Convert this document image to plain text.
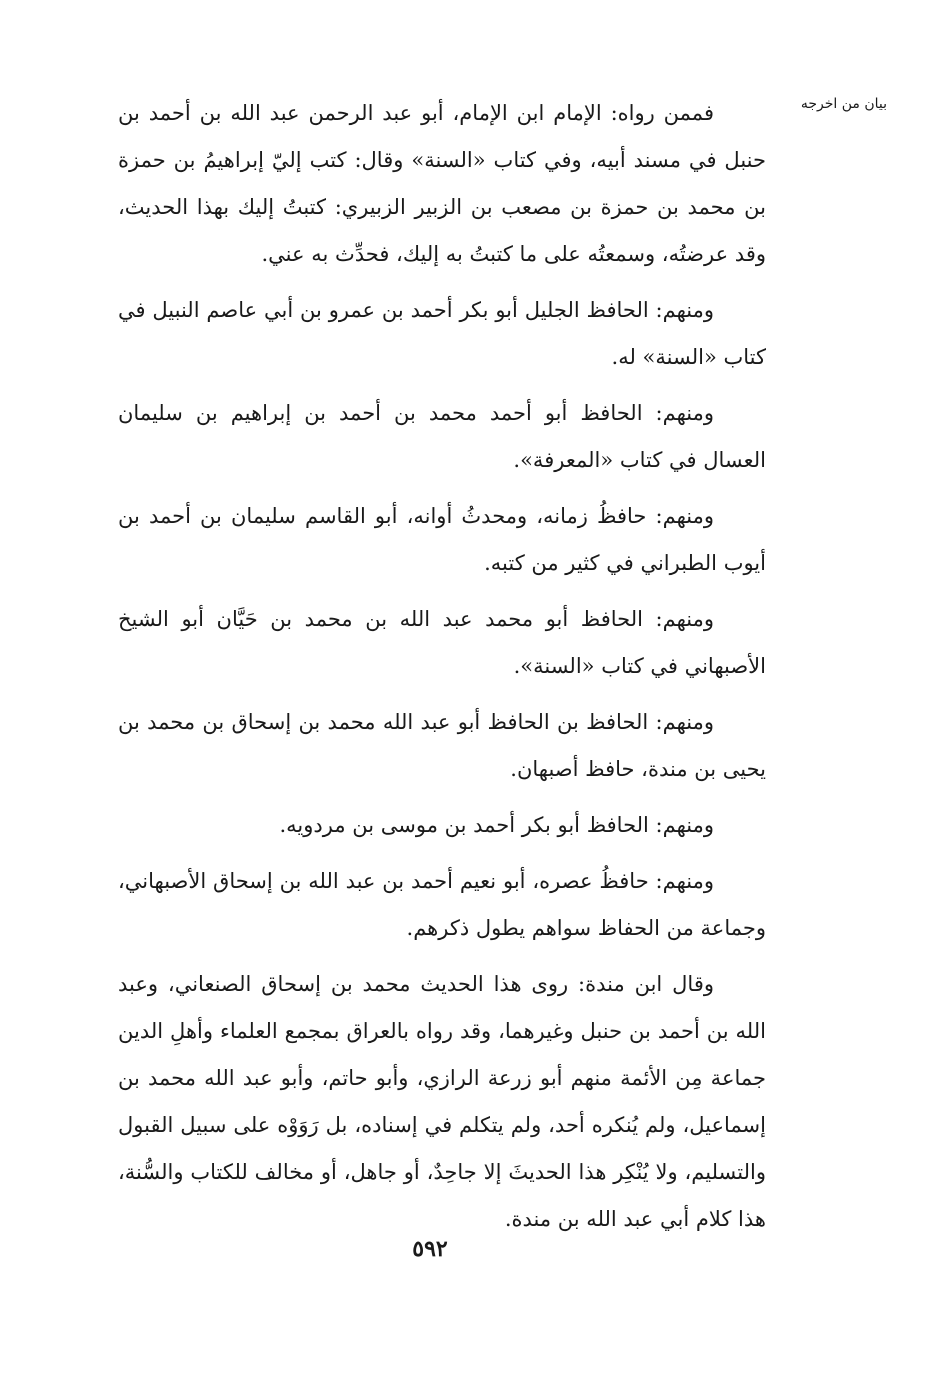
بيان من اخرجه

فممن رواه: الإمام ابن الإمام، أبو عبد الرحمن عبد الله بن أحمد بن حنبل في مسند أبيه، وفي كتاب «السنة» وقال: كتب إليّ إبراهيمُ بن حمزة بن محمد بن حمزة بن مصعب بن الزبير الزبيري: كتبتُ إليك بهذا الحديث، وقد عرضتُه، وسمعتُه على ما كتبتُ به إليك، فحدِّث به عني.

ومنهم: الحافظ الجليل أبو بكر أحمد بن عمرو بن أبي عاصم النبيل في كتاب «السنة» له.

ومنهم: الحافظ أبو أحمد محمد بن أحمد بن إبراهيم بن سليمان العسال في كتاب «المعرفة».

ومنهم: حافظُ زمانه، ومحدثُ أوانه، أبو القاسم سليمان بن أحمد بن أيوب الطبراني في كثير من كتبه.

ومنهم: الحافظ أبو محمد عبد الله بن محمد بن حَيَّان أبو الشيخ الأصبهاني في كتاب «السنة».

ومنهم: الحافظ بن الحافظ أبو عبد الله محمد بن إسحاق بن محمد بن يحيى بن مندة، حافظ أصبهان.

ومنهم: الحافظ أبو بكر أحمد بن موسى بن مردويه.

ومنهم: حافظُ عصره، أبو نعيم أحمد بن عبد الله بن إسحاق الأصبهاني، وجماعة من الحفاظ سواهم يطول ذكرهم.

وقال ابن مندة: روى هذا الحديث محمد بن إسحاق الصنعاني، وعبد الله بن أحمد بن حنبل وغيرهما، وقد رواه بالعراق بمجمع العلماء وأهلِ الدين جماعة مِن الأئمة منهم أبو زرعة الرازي، وأبو حاتم، وأبو عبد الله محمد بن إسماعيل، ولم يُنكره أحد، ولم يتكلم في إسناده، بل رَوَوْه على سبيل القبول والتسليم، ولا يُنْكِر هذا الحديثَ إلا جاحِدٌ، أو جاهل، أو مخالف للكتاب والسُّنة، هذا كلام أبي عبد الله بن مندة.

٥٩٢
